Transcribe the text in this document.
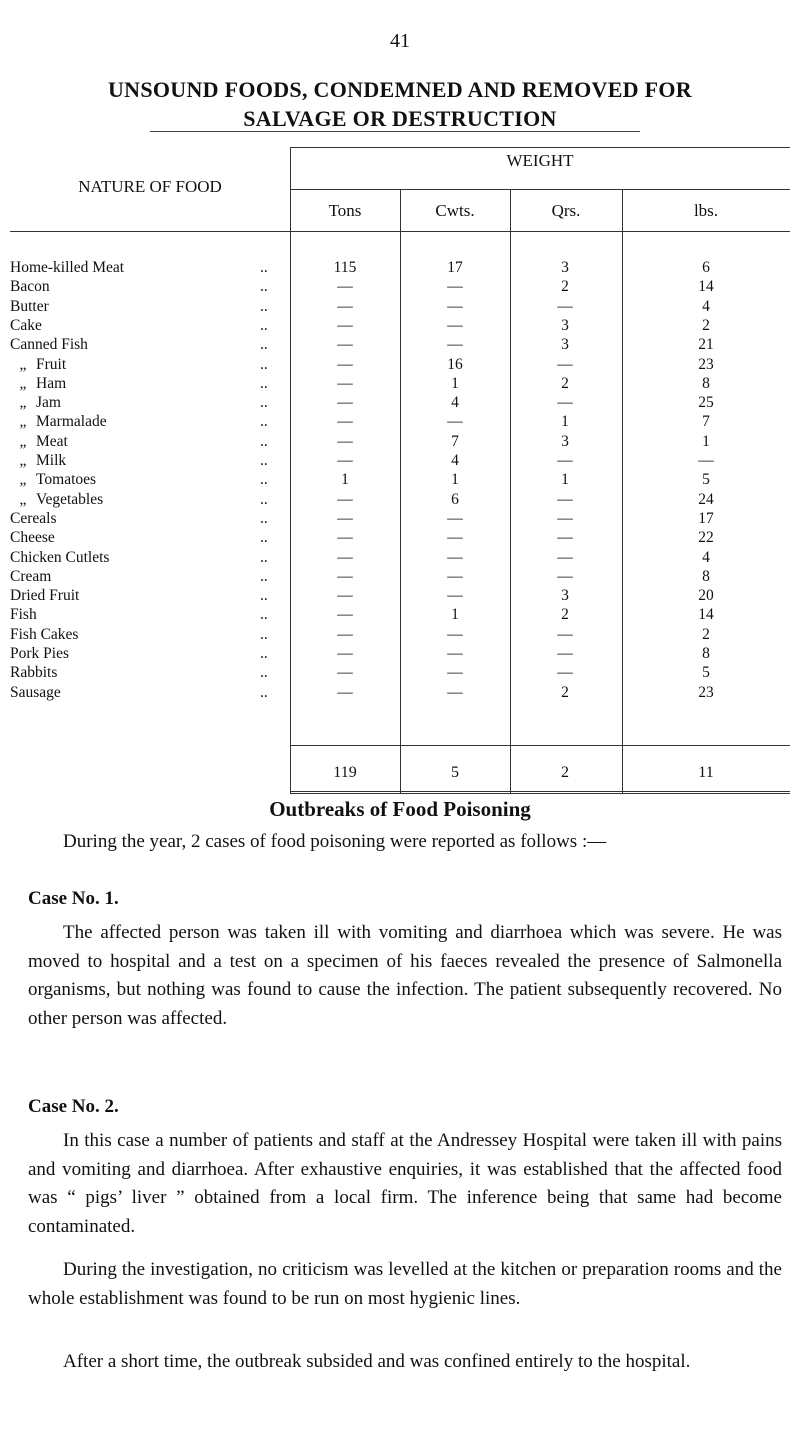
41
UNSOUND FOODS, CONDEMNED AND REMOVED FOR
SALVAGE OR DESTRUCTION
NATURE OF FOOD
WEIGHT
Tons	Cwts.	Qrs.	lbs.
Home-killed Meat	..	115	17	3	6
Bacon	..	—	—	2	14
Butter	..	—	—	—	4
Cake	..	—	—	3	2
Canned Fish	..	—	—	3	21
„ Fruit	..	—	16	—	23
„ Ham	..	—	1	2	8
„ Jam	..	—	4	—	25
„ Marmalade	..	—	—	1	7
„ Meat	..	—	7	3	1
„ Milk	..	—	4	—	—
„ Tomatoes	..	1	1	1	5
„ Vegetables	..	—	6	—	24
Cereals	..	—	—	—	17
Cheese	..	—	—	—	22
Chicken Cutlets	..	—	—	—	4
Cream	..	—	—	—	8
Dried Fruit	..	—	—	3	20
Fish	..	—	1	2	14
Fish Cakes	..	—	—	—	2
Pork Pies	..	—	—	—	8
Rabbits	..	—	—	—	5
Sausage	..	—	—	2	23
119	5	2	11
Outbreaks of Food Poisoning
During the year, 2 cases of food poisoning were reported as follows :—
Case No. 1.
The affected person was taken ill with vomiting and diarrhoea which was severe. He was moved to hospital and a test on a specimen of his faeces revealed the presence of Salmonella organisms, but nothing was found to cause the infection. The patient subsequently recovered. No other person was affected.
Case No. 2.
In this case a number of patients and staff at the Andressey Hospital were taken ill with pains and vomiting and diarrhoea. After exhaustive enquiries, it was established that the affected food was “ pigs’ liver ” obtained from a local firm. The inference being that same had become contaminated.
During the investigation, no criticism was levelled at the kitchen or preparation rooms and the whole establishment was found to be run on most hygienic lines.
After a short time, the outbreak subsided and was confined entirely to the hospital.
